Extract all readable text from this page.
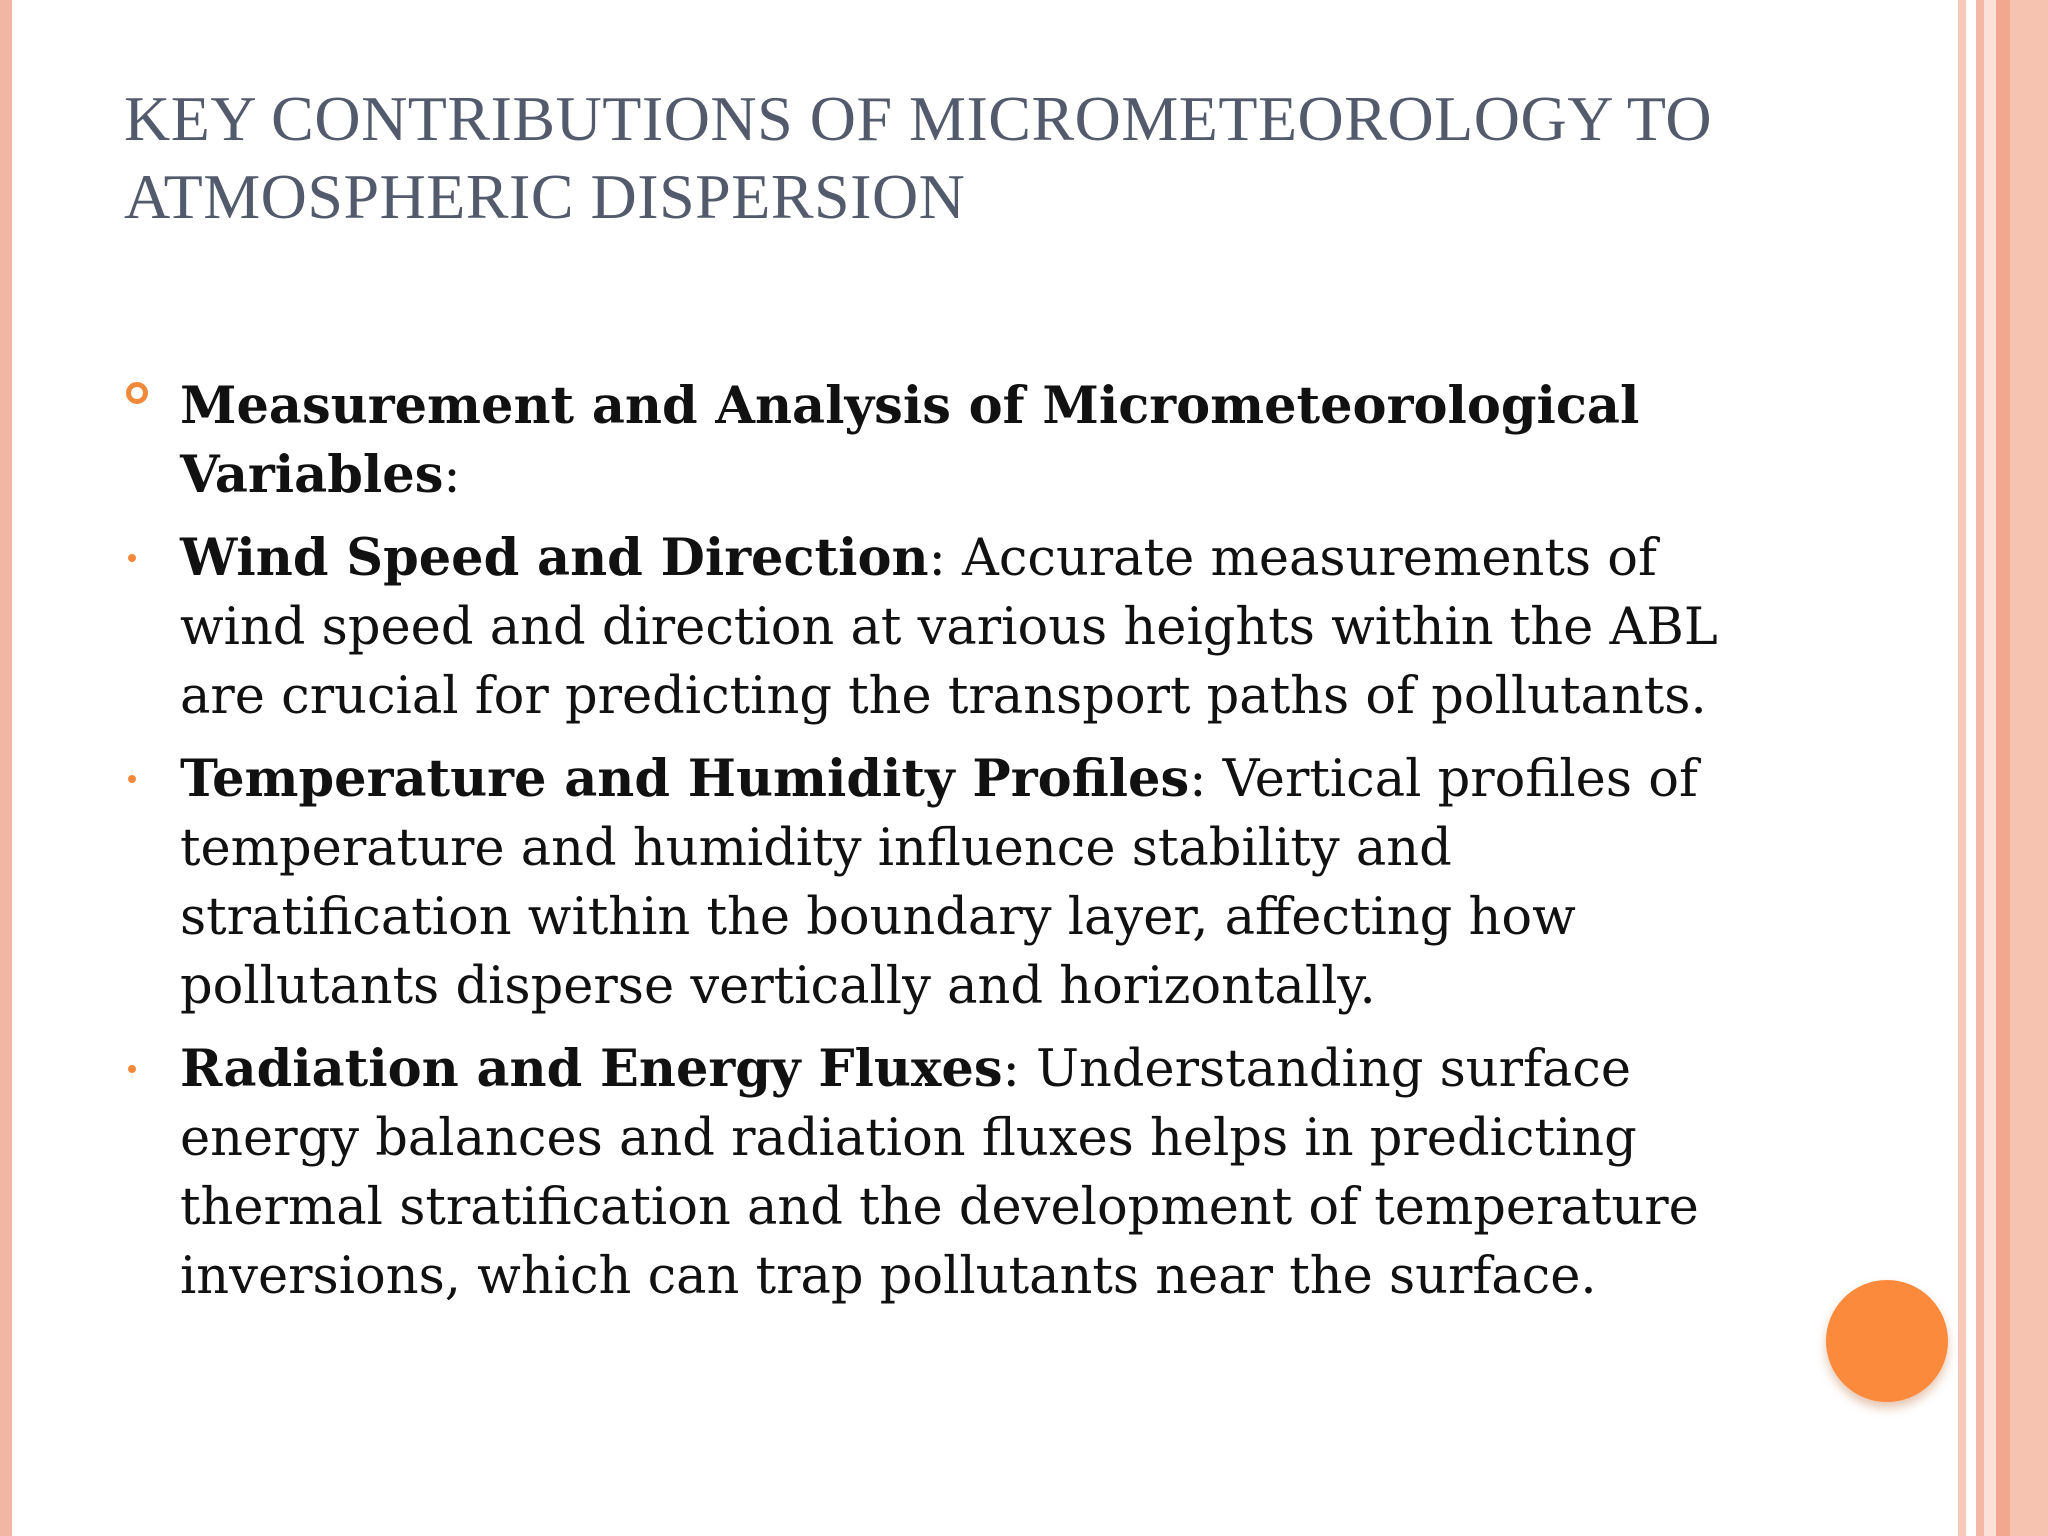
KEY CONTRIBUTIONS OF MICROMETEOROLOGY TO ATMOSPHERIC DISPERSION
Measurement and Analysis of Micrometeorological Variables:
Wind Speed and Direction: Accurate measurements of wind speed and direction at various heights within the ABL are crucial for predicting the transport paths of pollutants.
Temperature and Humidity Profiles: Vertical profiles of temperature and humidity influence stability and stratification within the boundary layer, affecting how pollutants disperse vertically and horizontally.
Radiation and Energy Fluxes: Understanding surface energy balances and radiation fluxes helps in predicting thermal stratification and the development of temperature inversions, which can trap pollutants near the surface.
